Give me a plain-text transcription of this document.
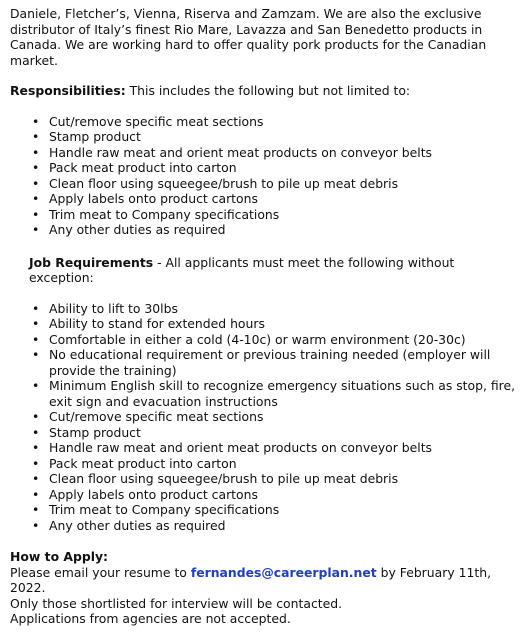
Daniele, Fletcher’s, Vienna, Riserva and Zamzam. We are also the exclusive distributor of Italy’s finest Rio Mare, Lavazza and San Benedetto products in Canada. We are working hard to offer quality pork products for the Canadian market.

Responsibilities: This includes the following but not limited to:

• Cut/remove specific meat sections
• Stamp product
• Handle raw meat and orient meat products on conveyor belts
• Pack meat product into carton
• Clean floor using squeegee/brush to pile up meat debris
• Apply labels onto product cartons
• Trim meat to Company specifications
• Any other duties as required

Job Requirements - All applicants must meet the following without exception:

• Ability to lift to 30lbs
• Ability to stand for extended hours
• Comfortable in either a cold (4-10c) or warm environment (20-30c)
• No educational requirement or previous training needed (employer will provide the training)
• Minimum English skill to recognize emergency situations such as stop, fire, exit sign and evacuation instructions
• Cut/remove specific meat sections
• Stamp product
• Handle raw meat and orient meat products on conveyor belts
• Pack meat product into carton
• Clean floor using squeegee/brush to pile up meat debris
• Apply labels onto product cartons
• Trim meat to Company specifications
• Any other duties as required

How to Apply:

Please email your resume to fernandes@careerplan.net by February 11th, 2022.

Only those shortlisted for interview will be contacted.

Applications from agencies are not accepted.
